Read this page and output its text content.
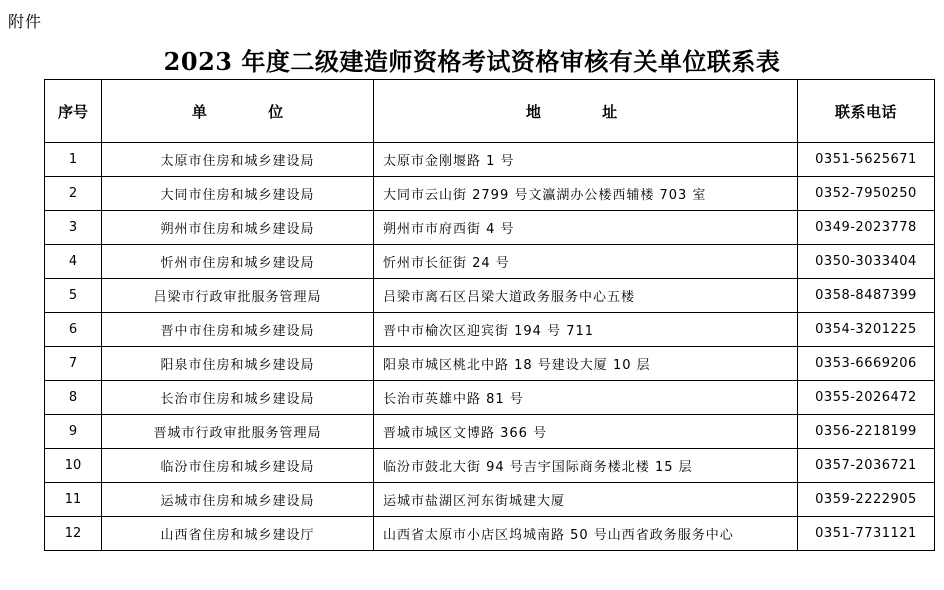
附件
2023 年度二级建造师资格考试资格审核有关单位联系表
序号	单 位	地 址	联系电话
1	太原市住房和城乡建设局	太原市金刚堰路 1 号	0351-5625671
2	大同市住房和城乡建设局	大同市云山街 2799 号文瀛湖办公楼西辅楼 703 室	0352-7950250
3	朔州市住房和城乡建设局	朔州市市府西街 4 号	0349-2023778
4	忻州市住房和城乡建设局	忻州市长征街 24 号	0350-3033404
5	吕梁市行政审批服务管理局	吕梁市离石区吕梁大道政务服务中心五楼	0358-8487399
6	晋中市住房和城乡建设局	晋中市榆次区迎宾街 194 号 711	0354-3201225
7	阳泉市住房和城乡建设局	阳泉市城区桃北中路 18 号建设大厦 10 层	0353-6669206
8	长治市住房和城乡建设局	长治市英雄中路 81 号	0355-2026472
9	晋城市行政审批服务管理局	晋城市城区文博路 366 号	0356-2218199
10	临汾市住房和城乡建设局	临汾市鼓北大街 94 号吉宇国际商务楼北楼 15 层	0357-2036721
11	运城市住房和城乡建设局	运城市盐湖区河东街城建大厦	0359-2222905
12	山西省住房和城乡建设厅	山西省太原市小店区坞城南路 50 号山西省政务服务中心	0351-7731121
